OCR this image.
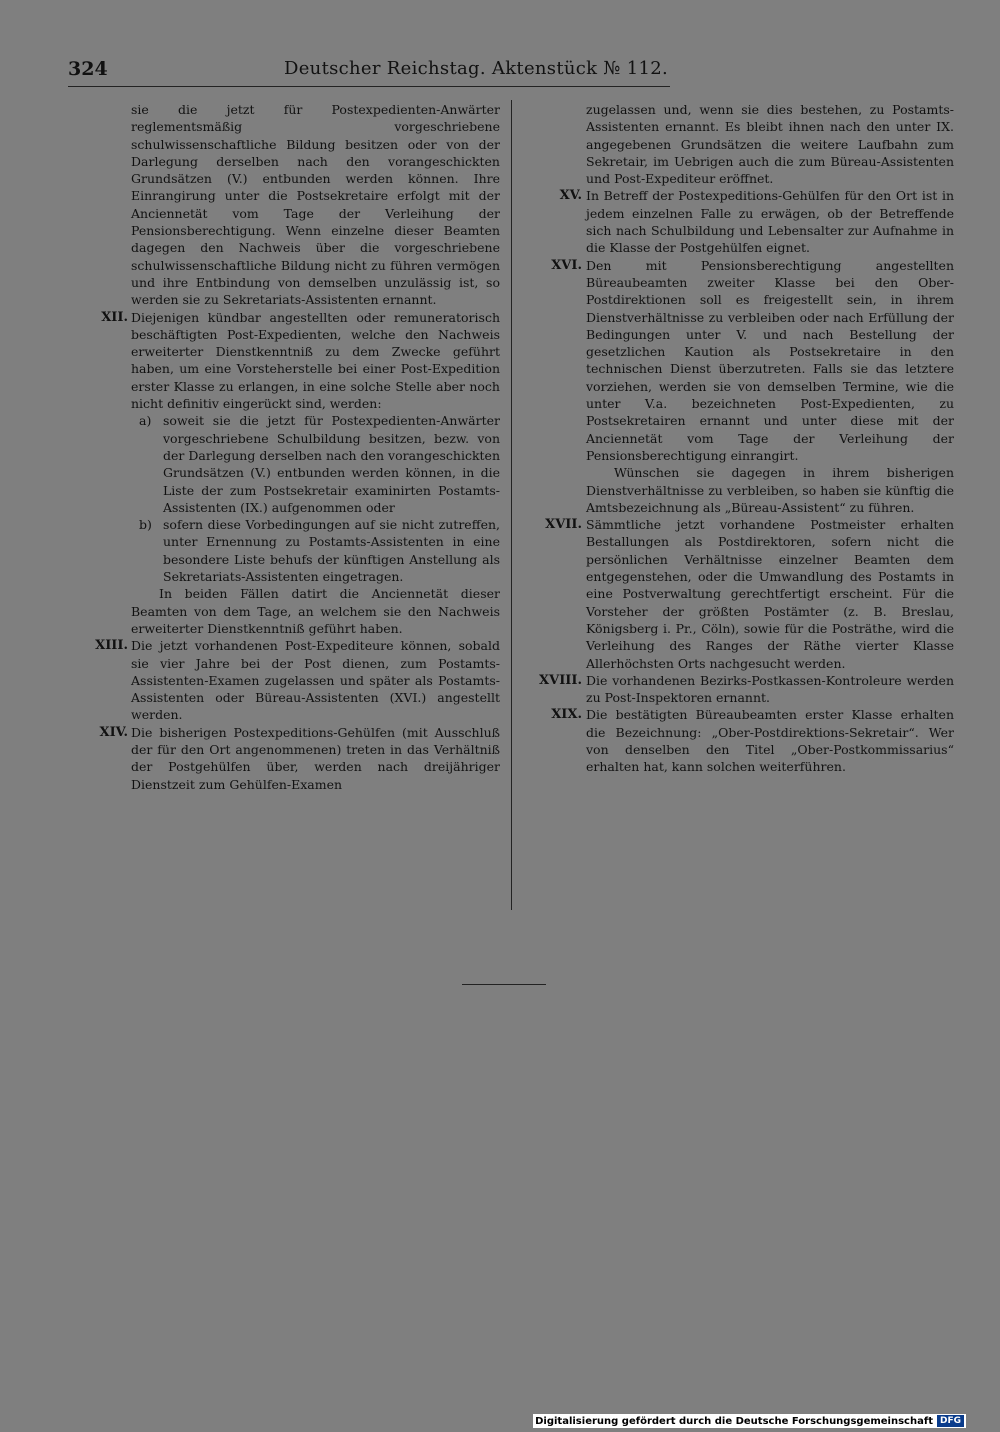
324	Deutscher Reichstag. Aktenstück № 112.

sie die jetzt für Postexpedienten-Anwärter reglementsmäßig vorgeschriebene schulwissenschaftliche Bildung besitzen oder von der Darlegung derselben nach den vorangeschickten Grundsätzen (V.) entbunden werden können. Ihre Einrangirung unter die Postsekretaire erfolgt mit der Anciennetät vom Tage der Verleihung der Pensionsberechtigung. Wenn einzelne dieser Beamten dagegen den Nachweis über die vorgeschriebene schulwissenschaftliche Bildung nicht zu führen vermögen und ihre Entbindung von demselben unzulässig ist, so werden sie zu Sekretariats-Assistenten ernannt.

XII. Diejenigen kündbar angestellten oder remuneratorisch beschäftigten Post-Expedienten, welche den Nachweis erweiterter Dienstkenntniß zu dem Zwecke geführt haben, um eine Vorsteherstelle bei einer Post-Expedition erster Klasse zu erlangen, in eine solche Stelle aber noch nicht definitiv eingerückt sind, werden:

a) soweit sie die jetzt für Postexpedienten-Anwärter vorgeschriebene Schulbildung besitzen, bezw. von der Darlegung derselben nach den vorangeschickten Grundsätzen (V.) entbunden werden können, in die Liste der zum Postsekretair examinirten Postamts-Assistenten (IX.) aufgenommen oder
b) sofern diese Vorbedingungen auf sie nicht zutreffen, unter Ernennung zu Postamts-Assistenten in eine besondere Liste behufs der künftigen Anstellung als Sekretariats-Assistenten eingetragen.

In beiden Fällen datirt die Anciennetät dieser Beamten von dem Tage, an welchem sie den Nachweis erweiterter Dienstkenntniß geführt haben.

XIII. Die jetzt vorhandenen Post-Expediteure können, sobald sie vier Jahre bei der Post dienen, zum Postamts-Assistenten-Examen zugelassen und später als Postamts-Assistenten oder Büreau-Assistenten (XVI.) angestellt werden.

XIV. Die bisherigen Postexpeditions-Gehülfen (mit Ausschluß der für den Ort angenommenen) treten in das Verhältniß der Postgehülfen über, werden nach dreijähriger Dienstzeit zum Gehülfen-Examen

zugelassen und, wenn sie dies bestehen, zu Postamts-Assistenten ernannt. Es bleibt ihnen nach den unter IX. angegebenen Grundsätzen die weitere Laufbahn zum Sekretair, im Uebrigen auch die zum Büreau-Assistenten und Post-Expediteur eröffnet.

XV. In Betreff der Postexpeditions-Gehülfen für den Ort ist in jedem einzelnen Falle zu erwägen, ob der Betreffende sich nach Schulbildung und Lebensalter zur Aufnahme in die Klasse der Postgehülfen eignet.

XVI. Den mit Pensionsberechtigung angestellten Büreaubeamten zweiter Klasse bei den Ober-Postdirektionen soll es freigestellt sein, in ihrem Dienstverhältnisse zu verbleiben oder nach Erfüllung der Bedingungen unter V. und nach Bestellung der gesetzlichen Kaution als Postsekretaire in den technischen Dienst überzutreten. Falls sie das letztere vorziehen, werden sie von demselben Termine, wie die unter V.a. bezeichneten Post-Expedienten, zu Postsekretairen ernannt und unter diese mit der Anciennetät vom Tage der Verleihung der Pensionsberechtigung einrangirt.

Wünschen sie dagegen in ihrem bisherigen Dienstverhältnisse zu verbleiben, so haben sie künftig die Amtsbezeichnung als „Büreau-Assistent“ zu führen.

XVII. Sämmtliche jetzt vorhandene Postmeister erhalten Bestallungen als Postdirektoren, sofern nicht die persönlichen Verhältnisse einzelner Beamten dem entgegenstehen, oder die Umwandlung des Postamts in eine Postverwaltung gerechtfertigt erscheint. Für die Vorsteher der größten Postämter (z. B. Breslau, Königsberg i. Pr., Cöln), sowie für die Posträthe, wird die Verleihung des Ranges der Räthe vierter Klasse Allerhöchsten Orts nachgesucht werden.

XVIII. Die vorhandenen Bezirks-Postkassen-Kontroleure werden zu Post-Inspektoren ernannt.

XIX. Die bestätigten Büreaubeamten erster Klasse erhalten die Bezeichnung: „Ober-Postdirektions-Sekretair“. Wer von denselben den Titel „Ober-Postkommissarius“ erhalten hat, kann solchen weiterführen.

Digitalisierung gefördert durch die Deutsche Forschungsgemeinschaft DFG
